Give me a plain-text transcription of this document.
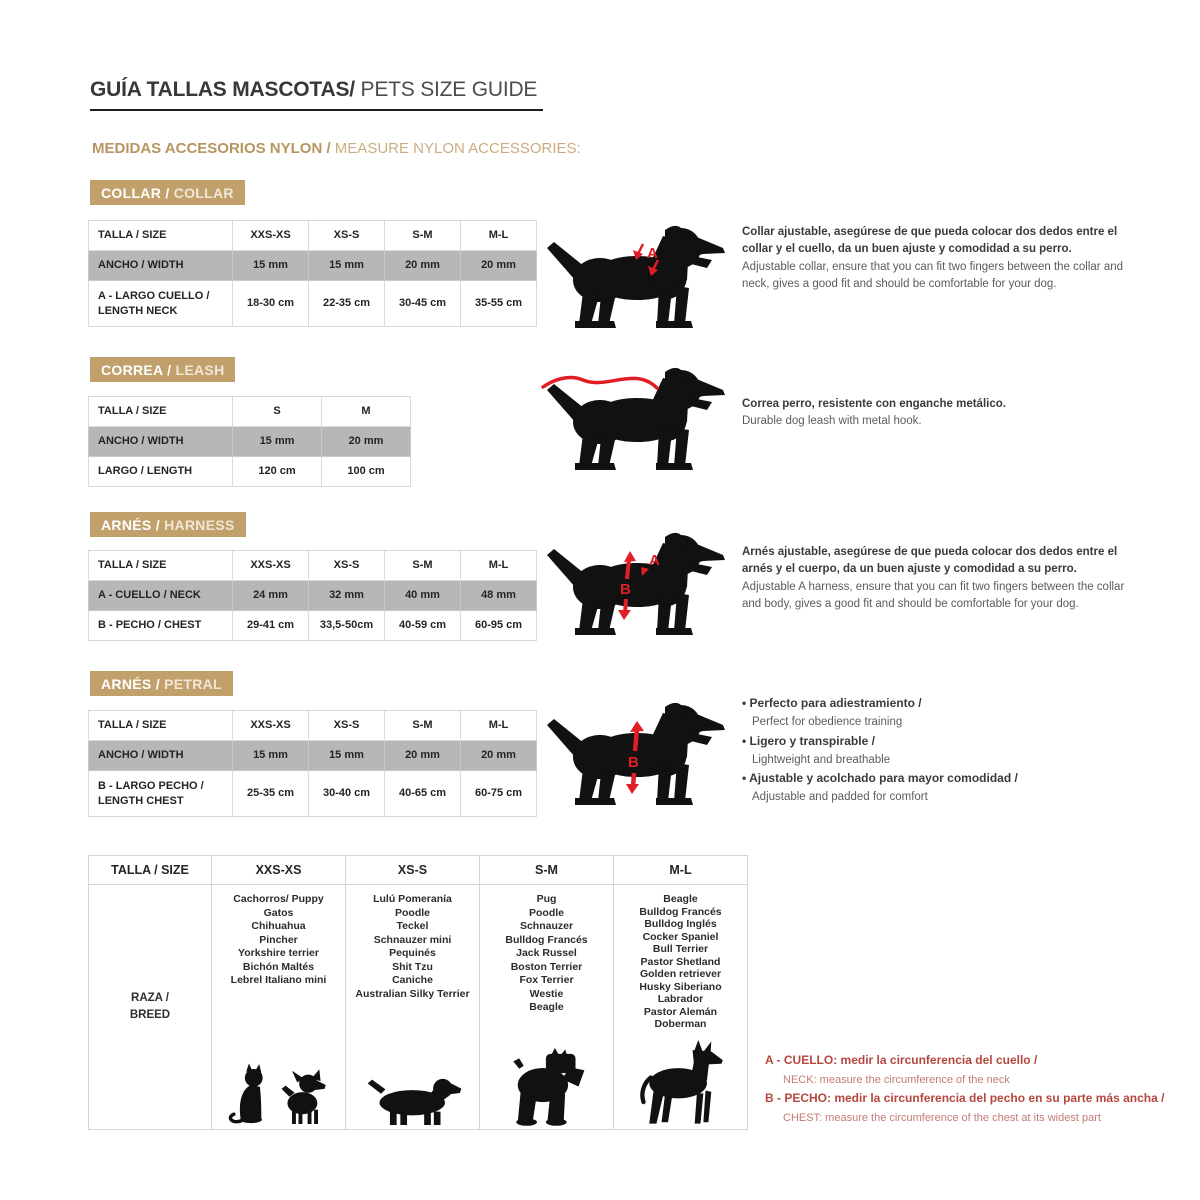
GUÍA TALLAS MASCOTAS/ PETS SIZE GUIDE
MEDIDAS ACCESORIOS NYLON / MEASURE NYLON ACCESSORIES:
COLLAR / COLLAR
TALLA / SIZE	XXS-XS	XS-S	S-M	M-L
ANCHO / WIDTH	15 mm	15 mm	20 mm	20 mm
A - LARGO CUELLO / LENGTH NECK	18-30 cm	22-35 cm	30-45 cm	35-55 cm
A
Collar ajustable, asegúrese de que pueda colocar dos dedos entre el collar y el cuello, da un buen ajuste y comodidad a su perro.
Adjustable collar, ensure that you can fit two fingers between the collar and neck, gives a good fit and should be comfortable for your dog.
CORREA / LEASH
TALLA / SIZE	S	M
ANCHO / WIDTH	15 mm	20 mm
LARGO / LENGTH	120 cm	100 cm
Correa perro, resistente con enganche metálico.
Durable dog leash with metal hook.
ARNÉS / HARNESS
TALLA / SIZE	XXS-XS	XS-S	S-M	M-L
A - CUELLO / NECK	24 mm	32 mm	40 mm	48 mm
B - PECHO / CHEST	29-41 cm	33,5-50cm	40-59 cm	60-95 cm
A
B
Arnés ajustable, asegúrese de que pueda colocar dos dedos entre el arnés y el cuerpo, da un buen ajuste y comodidad a su perro.
Adjustable A harness, ensure that you can fit two fingers between the collar and body, gives a good fit and should be comfortable for your dog.
ARNÉS / PETRAL
TALLA / SIZE	XXS-XS	XS-S	S-M	M-L
ANCHO / WIDTH	15 mm	15 mm	20 mm	20 mm
B - LARGO PECHO / LENGTH CHEST	25-35 cm	30-40 cm	40-65 cm	60-75 cm
B
• Perfecto para adiestramiento /
Perfect for obedience training
• Ligero y transpirable /
Lightweight and breathable
• Ajustable y acolchado para mayor comodidad /
Adjustable and padded for comfort
TALLA / SIZE	XXS-XS	XS-S	S-M	M-L

RAZA /
BREED

Cachorros/ Puppy
Gatos
Chihuahua
Pincher
Yorkshire terrier
Bichón Maltés
Lebrel Italiano mini

Lulú Pomeranía
Poodle
Teckel
Schnauzer mini
Pequinés
Shit Tzu
Caniche
Australian Silky Terrier

Pug
Poodle
Schnauzer
Bulldog Francés
Jack Russel
Boston Terrier
Fox Terrier
Westie
Beagle

Beagle
Bulldog Francés
Bulldog Inglés
Cocker Spaniel
Bull Terrier
Pastor Shetland
Golden retriever
Husky Siberiano
Labrador
Pastor Alemán
Doberman
A - CUELLO: medir la circunferencia del cuello /
NECK: measure the circumference of the neck
B - PECHO: medir la circunferencia del pecho en su parte más ancha /
CHEST: measure the circumference of the chest at its widest part
